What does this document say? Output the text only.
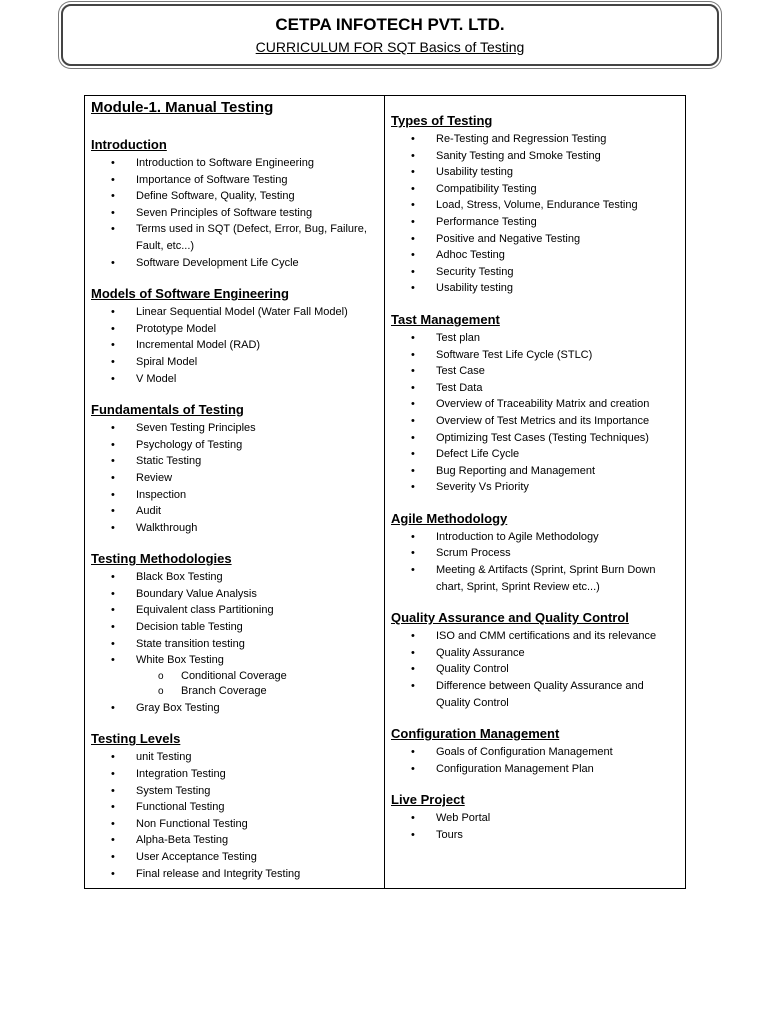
CETPA INFOTECH PVT. LTD.
CURRICULUM FOR SQT Basics of Testing
Module-1. Manual Testing
Introduction
• Introduction to Software Engineering
• Importance of Software Testing
• Define Software, Quality, Testing
• Seven Principles of Software testing
• Terms used in SQT (Defect, Error, Bug, Failure, Fault, etc...)
• Software Development Life Cycle
Models of Software Engineering
• Linear Sequential Model (Water Fall Model)
• Prototype Model
• Incremental Model (RAD)
• Spiral Model
• V Model
Fundamentals of Testing
• Seven Testing Principles
• Psychology of Testing
• Static Testing
• Review
• Inspection
• Audit
• Walkthrough
Testing Methodologies
• Black Box Testing
• Boundary Value Analysis
• Equivalent class Partitioning
• Decision table Testing
• State transition testing
• White Box Testing
o Conditional Coverage
o Branch Coverage
• Gray Box Testing
Testing Levels
• unit Testing
• Integration Testing
• System Testing
• Functional Testing
• Non Functional Testing
• Alpha-Beta Testing
• User Acceptance Testing
• Final release and Integrity Testing
Types of Testing
• Re-Testing and Regression Testing
• Sanity Testing and Smoke Testing
• Usability testing
• Compatibility Testing
• Load, Stress, Volume, Endurance Testing
• Performance Testing
• Positive and Negative Testing
• Adhoc Testing
• Security Testing
• Usability testing
Tast Management
• Test plan
• Software Test Life Cycle (STLC)
• Test Case
• Test Data
• Overview of Traceability Matrix and creation
• Overview of Test Metrics and its Importance
• Optimizing Test Cases (Testing Techniques)
• Defect Life Cycle
• Bug Reporting and Management
• Severity Vs Priority
Agile Methodology
• Introduction to Agile Methodology
• Scrum Process
• Meeting & Artifacts (Sprint, Sprint Burn Down chart, Sprint, Sprint Review etc...)
Quality Assurance and Quality Control
• ISO and CMM certifications and its relevance
• Quality Assurance
• Quality Control
• Difference between Quality Assurance and Quality Control
Configuration Management
• Goals of Configuration Management
• Configuration Management Plan
Live Project
• Web Portal
• Tours
